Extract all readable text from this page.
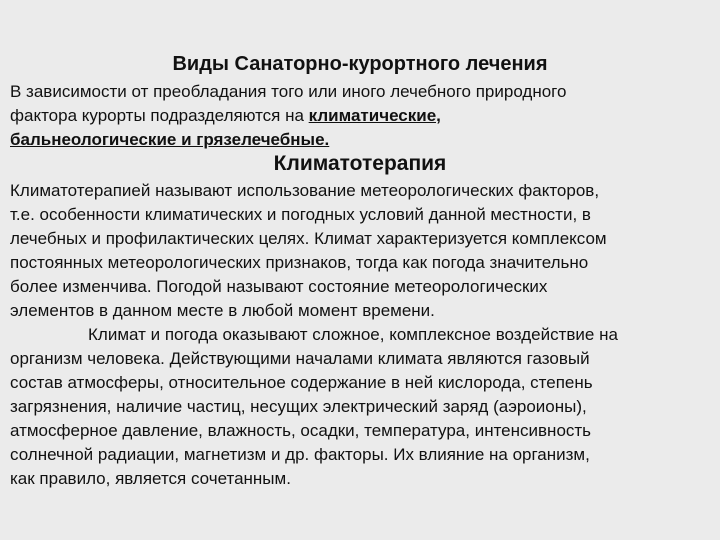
Виды Санаторно-курортного лечения

В зависимости от преобладания того или иного лечебного природного
фактора курорты подразделяются на климатические,
бальнеологические и грязелечебные.

Климатотерапия

Климатотерапией называют использование метеорологических факторов,
т.е. особенности климатических и погодных условий данной местности, в
лечебных и профилактических целях. Климат характеризуется комплексом
постоянных метеорологических признаков, тогда как погода значительно
более изменчива. Погодой называют состояние метеорологических
элементов в данном месте в любой момент времени.
Климат и погода оказывают сложное, комплексное воздействие на
организм человека. Действующими началами климата являются газовый
состав атмосферы, относительное содержание в ней кислорода, степень
загрязнения, наличие частиц, несущих электрический заряд (аэроионы),
атмосферное давление, влажность, осадки, температура, интенсивность
солнечной радиации, магнетизм и др. факторы. Их влияние на организм,
как правило, является сочетанным.
